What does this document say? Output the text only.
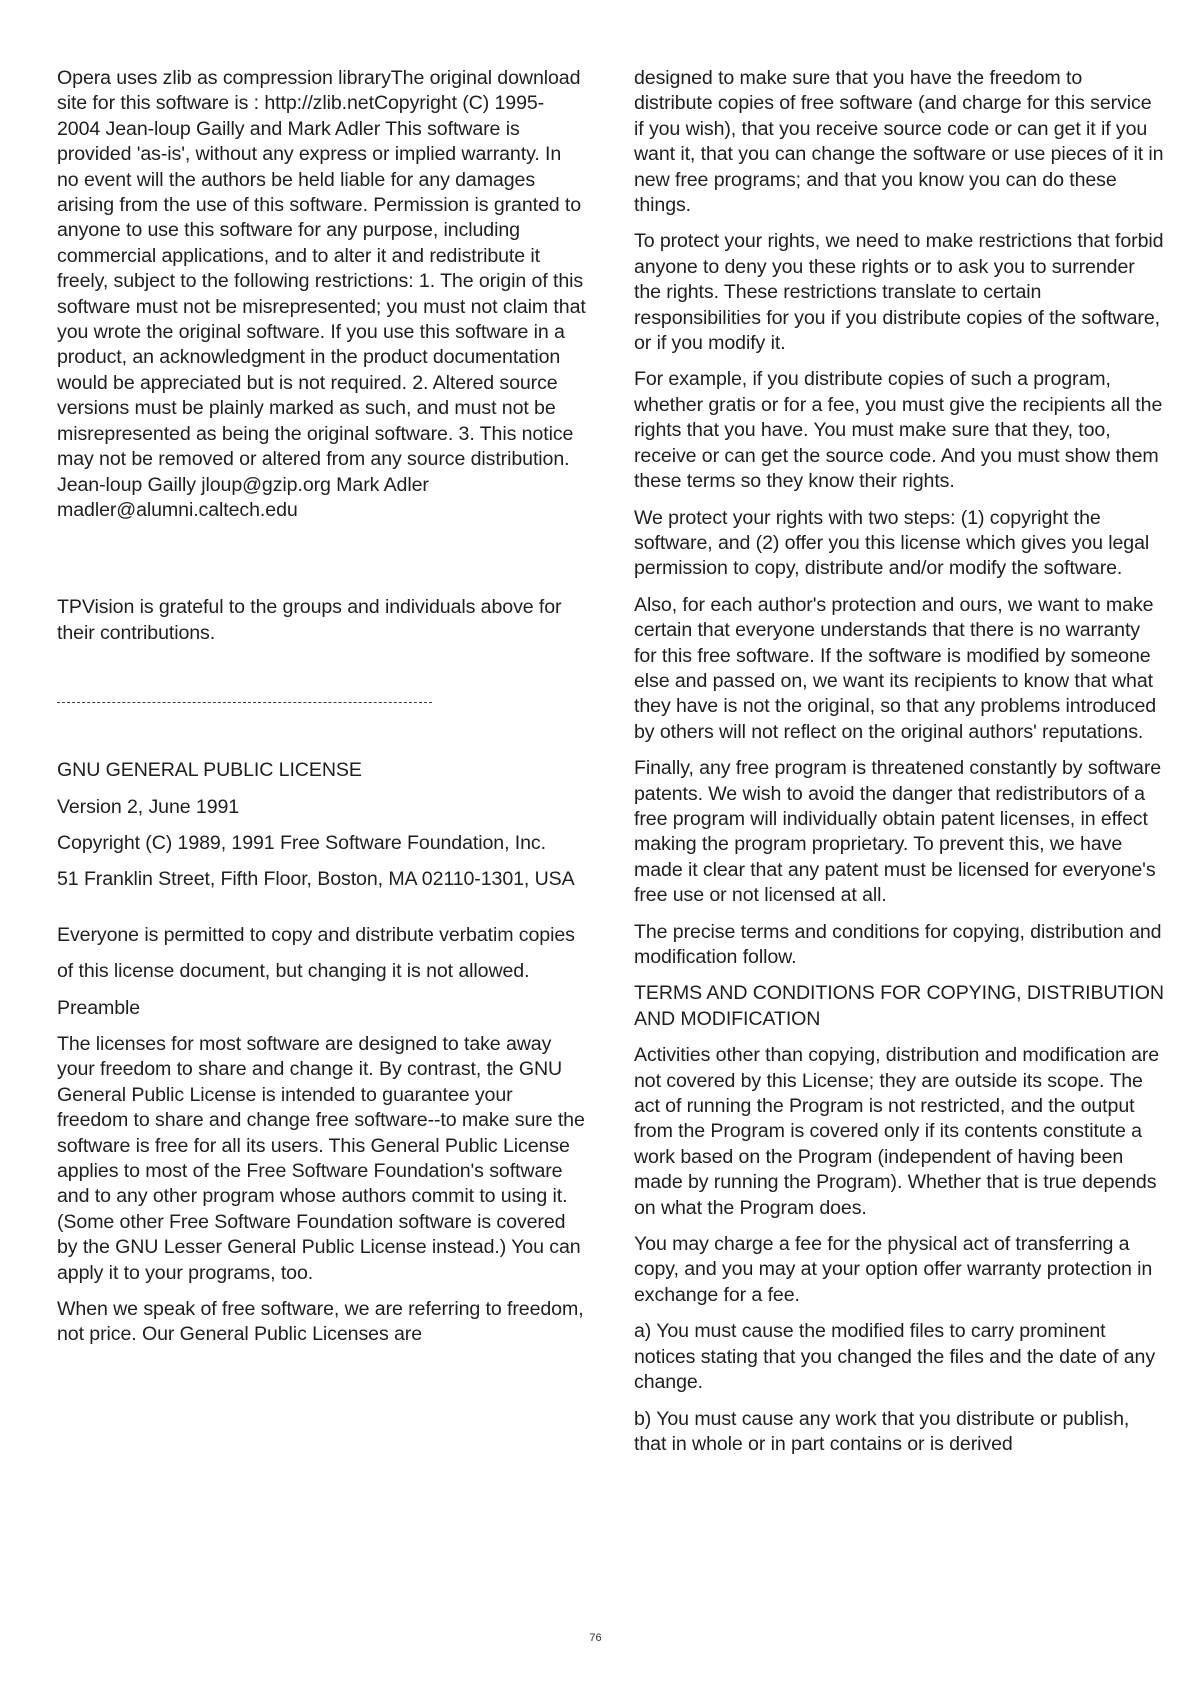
Opera uses zlib as compression libraryThe original download site for this software is : http://zlib.netCopyright (C) 1995-2004 Jean-loup Gailly and Mark Adler This software is provided 'as-is', without any express or implied warranty. In no event will the authors be held liable for any damages arising from the use of this software. Permission is granted to anyone to use this software for any purpose, including commercial applications, and to alter it and redistribute it freely, subject to the following restrictions: 1. The origin of this software must not be misrepresented; you must not claim that you wrote the original software. If you use this software in a product, an acknowledgment in the product documentation would be appreciated but is not required. 2. Altered source versions must be plainly marked as such, and must not be misrepresented as being the original software. 3. This notice may not be removed or altered from any source distribution. Jean-loup Gailly jloup@gzip.org Mark Adler madler@alumni.caltech.edu

TPVision is grateful to the groups and individuals above for their contributions.

GNU GENERAL PUBLIC LICENSE

Version 2, June 1991

Copyright (C) 1989, 1991 Free Software Foundation, Inc.

51 Franklin Street, Fifth Floor, Boston, MA 02110-1301, USA

Everyone is permitted to copy and distribute verbatim copies

of this license document, but changing it is not allowed.

Preamble

The licenses for most software are designed to take away your freedom to share and change it. By contrast, the GNU General Public License is intended to guarantee your freedom to share and change free software--to make sure the software is free for all its users. This General Public License applies to most of the Free Software Foundation's software and to any other program whose authors commit to using it. (Some other Free Software Foundation software is covered by the GNU Lesser General Public License instead.) You can apply it to your programs, too.

When we speak of free software, we are referring to freedom, not price. Our General Public Licenses are

designed to make sure that you have the freedom to distribute copies of free software (and charge for this service if you wish), that you receive source code or can get it if you want it, that you can change the software or use pieces of it in new free programs; and that you know you can do these things.

To protect your rights, we need to make restrictions that forbid anyone to deny you these rights or to ask you to surrender the rights. These restrictions translate to certain responsibilities for you if you distribute copies of the software, or if you modify it.

For example, if you distribute copies of such a program, whether gratis or for a fee, you must give the recipients all the rights that you have. You must make sure that they, too, receive or can get the source code. And you must show them these terms so they know their rights.

We protect your rights with two steps: (1) copyright the software, and (2) offer you this license which gives you legal permission to copy, distribute and/or modify the software.

Also, for each author's protection and ours, we want to make certain that everyone understands that there is no warranty for this free software. If the software is modified by someone else and passed on, we want its recipients to know that what they have is not the original, so that any problems introduced by others will not reflect on the original authors' reputations.

Finally, any free program is threatened constantly by software patents. We wish to avoid the danger that redistributors of a free program will individually obtain patent licenses, in effect making the program proprietary. To prevent this, we have made it clear that any patent must be licensed for everyone's free use or not licensed at all.

The precise terms and conditions for copying, distribution and modification follow.

TERMS AND CONDITIONS FOR COPYING, DISTRIBUTION AND MODIFICATION

Activities other than copying, distribution and modification are not covered by this License; they are outside its scope. The act of running the Program is not restricted, and the output from the Program is covered only if its contents constitute a work based on the Program (independent of having been made by running the Program). Whether that is true depends on what the Program does.

You may charge a fee for the physical act of transferring a copy, and you may at your option offer warranty protection in exchange for a fee.

a) You must cause the modified files to carry prominent notices stating that you changed the files and the date of any change.

b) You must cause any work that you distribute or publish, that in whole or in part contains or is derived

76
